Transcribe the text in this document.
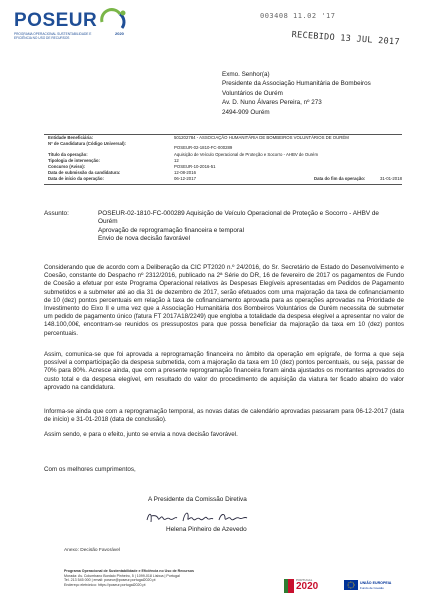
POSEUR
PROGRAMA OPERACIONAL SUSTENTABILIDADE E EFICIÊNCIA NO USO DE RECURSOS
2020
003408 11.02 '17
RECEBIDO 13 JUL 2017
Exmo. Senhor(a)
Presidente da Associação Humanitária de Bombeiros
Voluntários de Ourém
Av. D. Nuno Álvares Pereira, nº 273
2494-909 Ourém
Entidade Beneficiária:	501202784 - ASSOCIAÇÃO HUMANITÁRIA DE BOMBEIROS VOLUNTÁRIOS DE OURÉM
Nº de Candidatura (Código Universal):
POSEUR-02-1810-FC-000289
Título da operação:	Aquisição de Veículo Operacional de Proteção e Socorro - AHBV de Ourém
Tipologia de intervenção:	12
Concurso (Aviso):	POSEUR-10-2016-51
Data de submissão da candidatura:	12-08-2016
Data de início da operação:	06-12-2017	Data do fim da operação:	31-01-2018
Assunto:	POSEUR-02-1810-FC-000289 Aquisição de Veículo Operacional de Proteção e Socorro - AHBV de
Ourém
Aprovação de reprogramação financeira e temporal
Envio de nova decisão favorável
Considerando que de acordo com a Deliberação da CIC PT2020 n.º 24/2016, do Sr. Secretário de Estado do Desenvolvimento e Coesão, constante do Despacho nº 2312/2016, publicado na 2ª Série do DR, 16 de fevereiro de 2017 os pagamentos de Fundo de Coesão a efetuar por este Programa Operacional relativos às Despesas Elegíveis apresentadas em Pedidos de Pagamento submetidos e a submeter até ao dia 31 de dezembro de 2017, serão efetuados com uma majoração da taxa de cofinanciamento de 10 (dez) pontos percentuais em relação à taxa de cofinanciamento aprovada para as operações aprovadas na Prioridade de Investimento do Eixo II e uma vez que a Associação Humanitária dos Bombeiros Voluntários de Ourém necessita de submeter um pedido de pagamento único (fatura FT 2017A18/2249) que engloba a totalidade da despesa elegível a apresentar no valor de 148.100,00€, encontram-se reunidos os pressupostos para que possa beneficiar da majoração da taxa em 10 (dez) pontos percentuais.
Assim, comunica-se que foi aprovada a reprogramação financeira no âmbito da operação em epígrafe, de forma a que seja possível a comparticipação da despesa submetida, com a majoração da taxa em 10 (dez) pontos percentuais, ou seja, passar de 70% para 80%. Acresce ainda, que com a presente reprogramação financeira foram ainda ajustados os montantes aprovados do custo total e da despesa elegível, em resultado do valor do procedimento de aquisição da viatura ter ficado abaixo do valor aprovado na candidatura.
Informa-se ainda que com a reprogramação temporal, as novas datas de calendário aprovadas passaram para 06-12-2017 (data de início) e 31-01-2018 (data de conclusão).
Assim sendo, e para o efeito, junto se envia a nova decisão favorável.
Com os melhores cumprimentos,
A Presidente da Comissão Diretiva
Helena Pinheiro de Azevedo
Anexo: Decisão Favorável
Programa Operacional de Sustentabilidade e Eficiência no Uso de Recursos
Morada: Av. Columbano Bordalo Pinheiro, 5 | 1099-018 Lisboa | Portugal
Tel. 213 545 000 | email: poseur@poseur.portugal2020.pt
Endereço eletrónico: https://poseur.portugal2020.pt
PORTUGAL
2020	UNIÃO EUROPEIA
Fundo de Coesão
